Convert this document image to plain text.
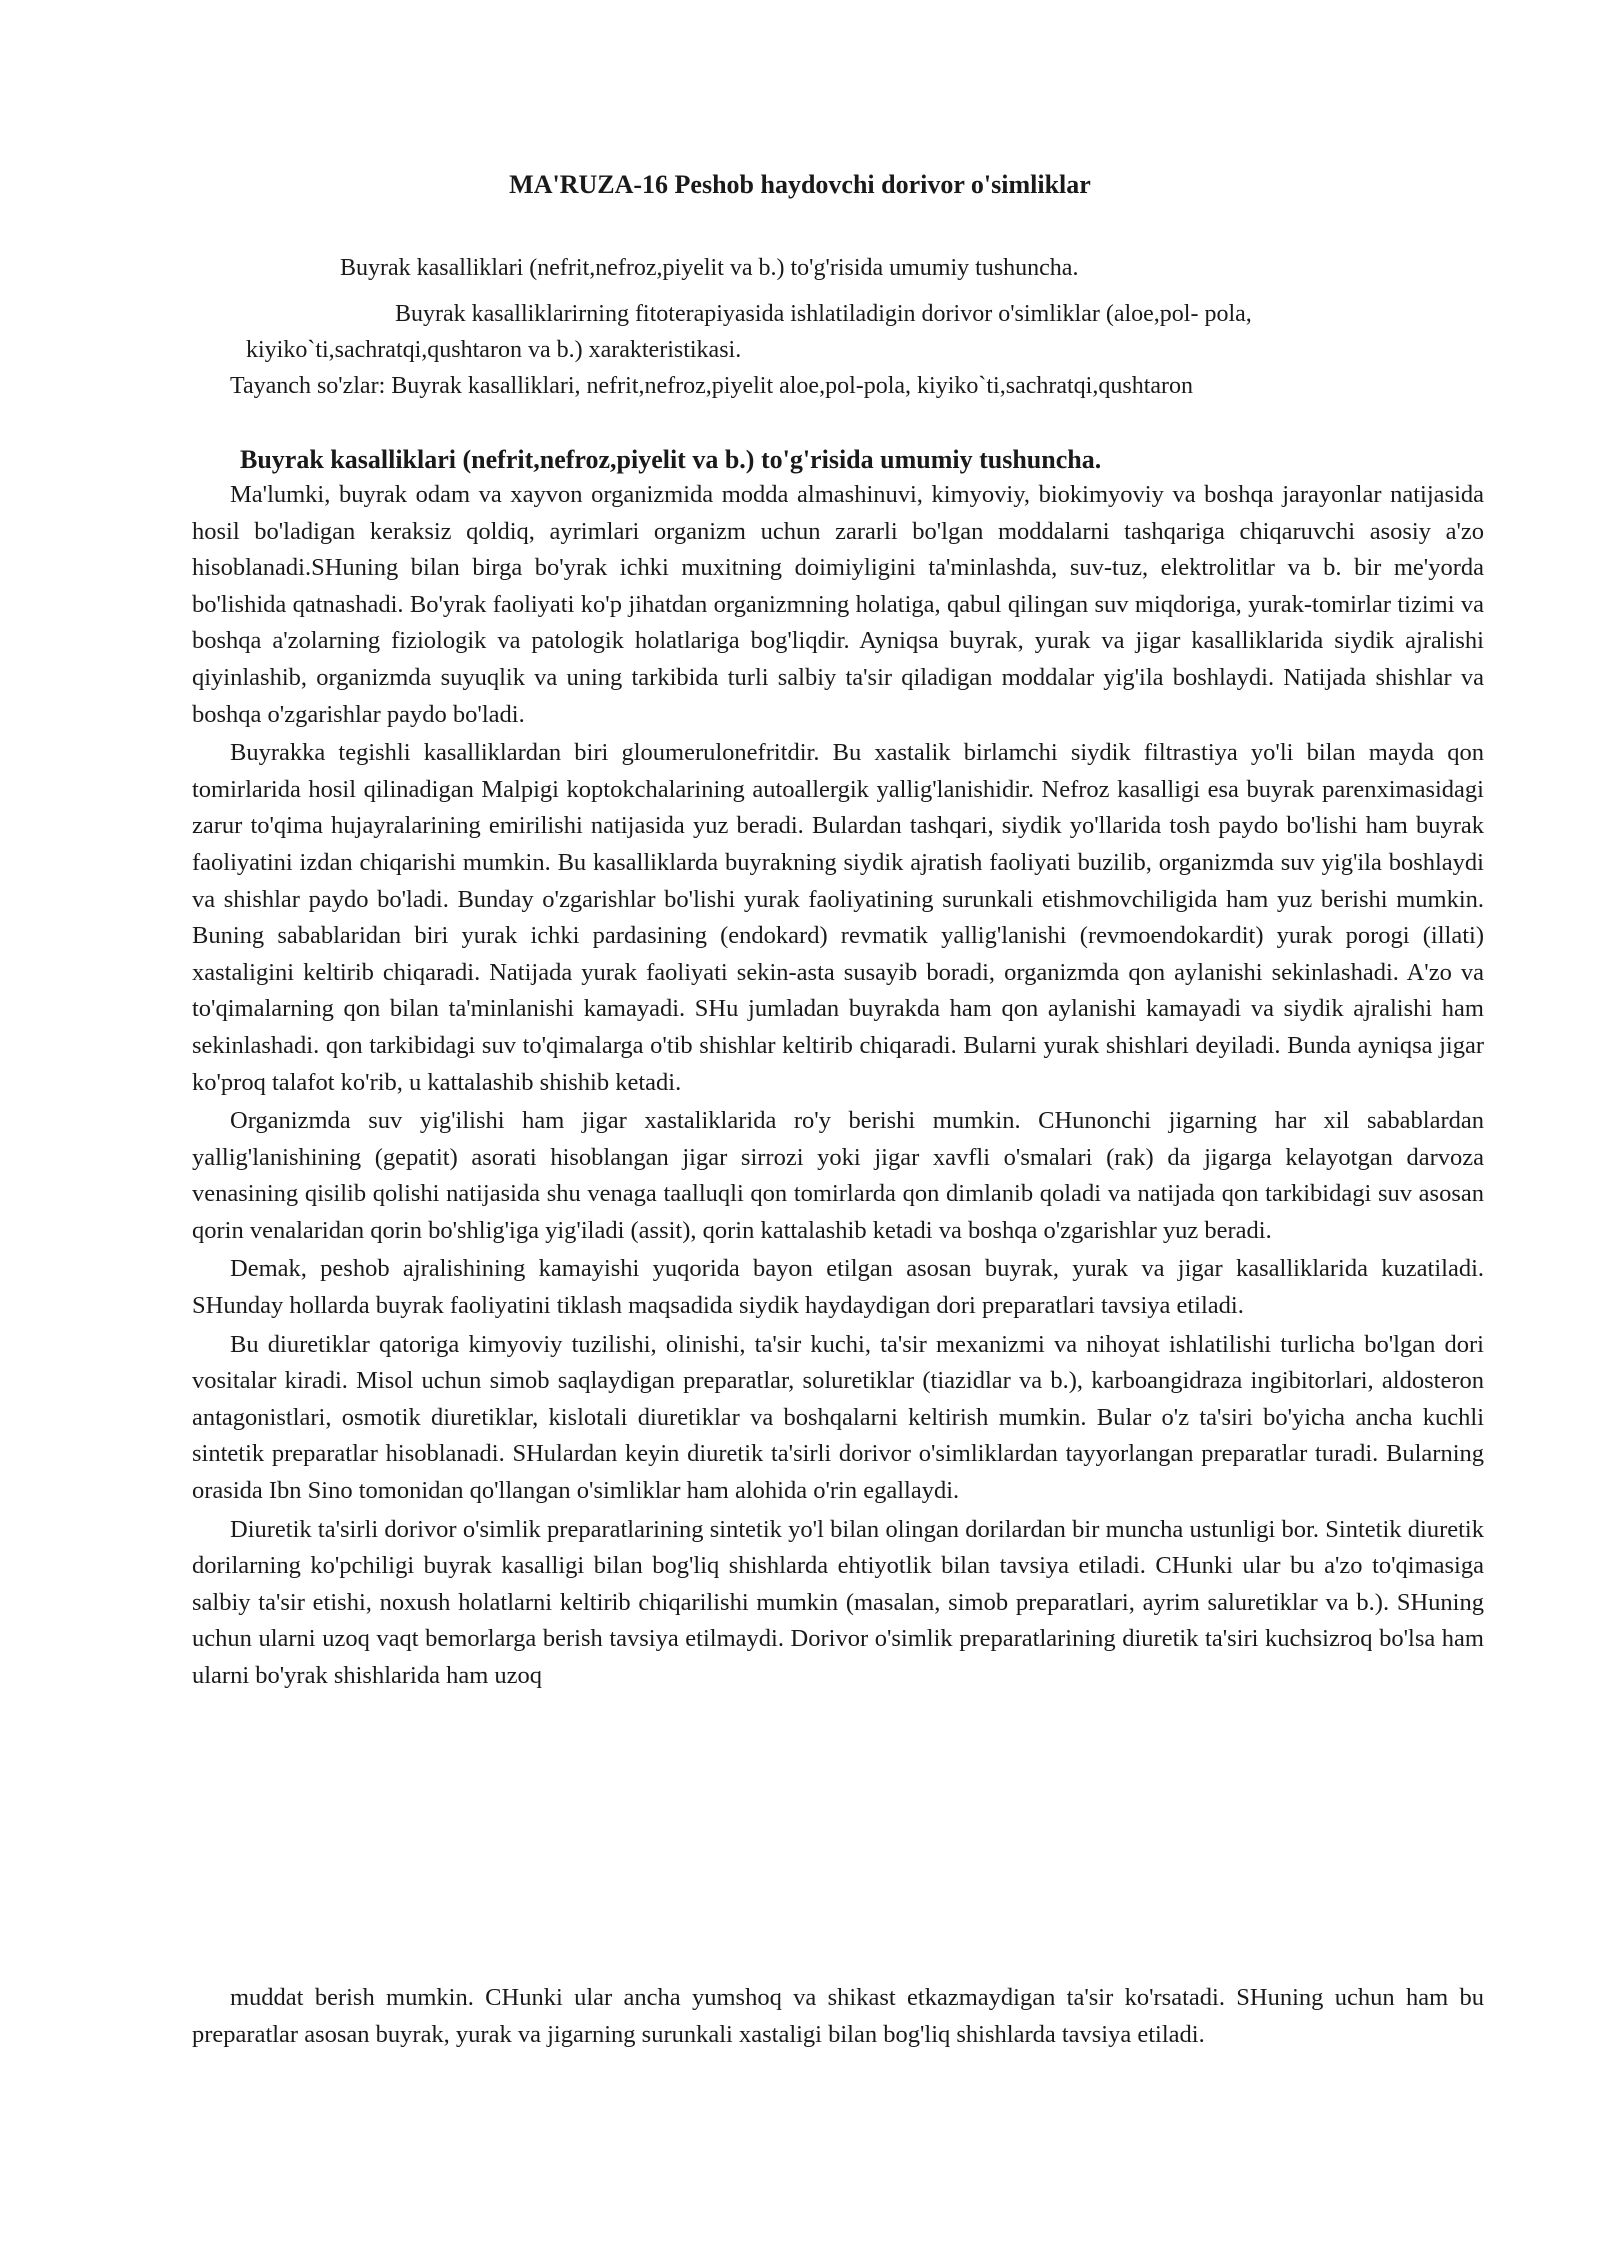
MA'RUZA-16 Peshob haydovchi dorivor o'simliklar
Buyrak kasalliklari (nefrit,nefroz,piyelit va b.) to'g'risida umumiy tushuncha.
Buyrak kasalliklarirning fitoterapiyasida ishlatiladigin dorivor o'simliklar (aloe,pol- pola,
kiyiko`ti,sachratqi,qushtaron va b.) xarakteristikasi.
Tayanch so'zlar: Buyrak kasalliklari, nefrit,nefroz,piyelit aloe,pol-pola, kiyiko`ti,sachratqi,qushtaron
Buyrak kasalliklari (nefrit,nefroz,piyelit va b.) to'g'risida umumiy tushuncha.

Ma'lumki, buyrak odam va xayvon organizmida modda almashinuvi, kimyoviy, biokimyoviy va boshqa jarayonlar natijasida hosil bo'ladigan keraksiz qoldiq, ayrimlari organizm uchun zararli bo'lgan moddalarni tashqariga chiqaruvchi asosiy a'zo hisoblanadi.SHuning bilan birga bo'yrak ichki muxitning doimiyligini ta'minlashda, suv-tuz, elektrolitlar va b. bir me'yorda bo'lishida qatnashadi. Bo'yrak faoliyati ko'p jihatdan organizmning holatiga, qabul qilingan suv miqdoriga, yurak-tomirlar tizimi va boshqa a'zolarning fiziologik va patologik holatlariga bog'liqdir. Ayniqsa buyrak, yurak va jigar kasalliklarida siydik ajralishi qiyinlashib, organizmda suyuqlik va uning tarkibida turli salbiy ta'sir qiladigan moddalar yig'ila boshlaydi. Natijada shishlar va boshqa o'zgarishlar paydo bo'ladi.

Buyrakka tegishli kasalliklardan biri gloumerulonefritdir. Bu xastalik birlamchi siydik filtrastiya yo'li bilan mayda qon tomirlarida hosil qilinadigan Malpigi koptokchalarining autoallergik yallig'lanishidir. Nefroz kasalligi esa buyrak parenximasidagi zarur to'qima hujayralarining emirilishi natijasida yuz beradi. Bulardan tashqari, siydik yo'llarida tosh paydo bo'lishi ham buyrak faoliyatini izdan chiqarishi mumkin. Bu kasalliklarda buyrakning siydik ajratish faoliyati buzilib, organizmda suv yig'ila boshlaydi va shishlar paydo bo'ladi. Bunday o'zgarishlar bo'lishi yurak faoliyatining surunkali etishmovchiligida ham yuz berishi mumkin. Buning sabablaridan biri yurak ichki pardasining (endokard) revmatik yallig'lanishi (revmoendokardit) yurak porogi (illati) xastaligini keltirib chiqaradi. Natijada yurak faoliyati sekin-asta susayib boradi, organizmda qon aylanishi sekinlashadi. A'zo va to'qimalarning qon bilan ta'minlanishi kamayadi. SHu jumladan buyrakda ham qon aylanishi kamayadi va siydik ajralishi ham sekinlashadi. qon tarkibidagi suv to'qimalarga o'tib shishlar keltirib chiqaradi. Bularni yurak shishlari deyiladi. Bunda ayniqsa jigar ko'proq talafot ko'rib, u kattalashib shishib ketadi.

Organizmda suv yig'ilishi ham jigar xastaliklarida ro'y berishi mumkin. CHunonchi jigarning har xil sabablardan yallig'lanishining (gepatit) asorati hisoblangan jigar sirrozi yoki jigar xavfli o'smalari (rak) da jigarga kelayotgan darvoza venasining qisilib qolishi natijasida shu venaga taalluqli qon tomirlarda qon dimlanib qoladi va natijada qon tarkibidagi suv asosan qorin venalaridan qorin bo'shlig'iga yig'iladi (assit), qorin kattalashib ketadi va boshqa o'zgarishlar yuz beradi.

Demak, peshob ajralishining kamayishi yuqorida bayon etilgan asosan buyrak, yurak va jigar kasalliklarida kuzatiladi. SHunday hollarda buyrak faoliyatini tiklash maqsadida siydik haydaydigan dori preparatlari tavsiya etiladi.

Bu diuretiklar qatoriga kimyoviy tuzilishi, olinishi, ta'sir kuchi, ta'sir mexanizmi va nihoyat ishlatilishi turlicha bo'lgan dori vositalar kiradi. Misol uchun simob saqlaydigan preparatlar, soluretiklar (tiazidlar va b.), karboangidraza ingibitorlari, aldosteron antagonistlari, osmotik diuretiklar, kislotali diuretiklar va boshqalarni keltirish mumkin. Bular o'z ta'siri bo'yicha ancha kuchli sintetik preparatlar hisoblanadi. SHulardan keyin diuretik ta'sirli dorivor o'simliklardan tayyorlangan preparatlar turadi. Bularning orasida Ibn Sino tomonidan qo'llangan o'simliklar ham alohida o'rin egallaydi.

Diuretik ta'sirli dorivor o'simlik preparatlarining sintetik yo'l bilan olingan dorilardan bir muncha ustunligi bor. Sintetik diuretik dorilarning ko'pchiligi buyrak kasalligi bilan bog'liq shishlarda ehtiyotlik bilan tavsiya etiladi. CHunki ular bu a'zo to'qimasiga salbiy ta'sir etishi, noxush holatlarni keltirib chiqarilishi mumkin (masalan, simob preparatlari, ayrim saluretiklar va b.). SHuning uchun ularni uzoq vaqt bemorlarga berish tavsiya etilmaydi. Dorivor o'simlik preparatlarining diuretik ta'siri kuchsizroq bo'lsa ham ularni bo'yrak shishlarida ham uzoq

muddat berish mumkin. CHunki ular ancha yumshoq va shikast etkazmaydigan ta'sir ko'rsatadi. SHuning uchun ham bu preparatlar asosan buyrak, yurak va jigarning surunkali xastaligi bilan bog'liq shishlarda tavsiya etiladi.
